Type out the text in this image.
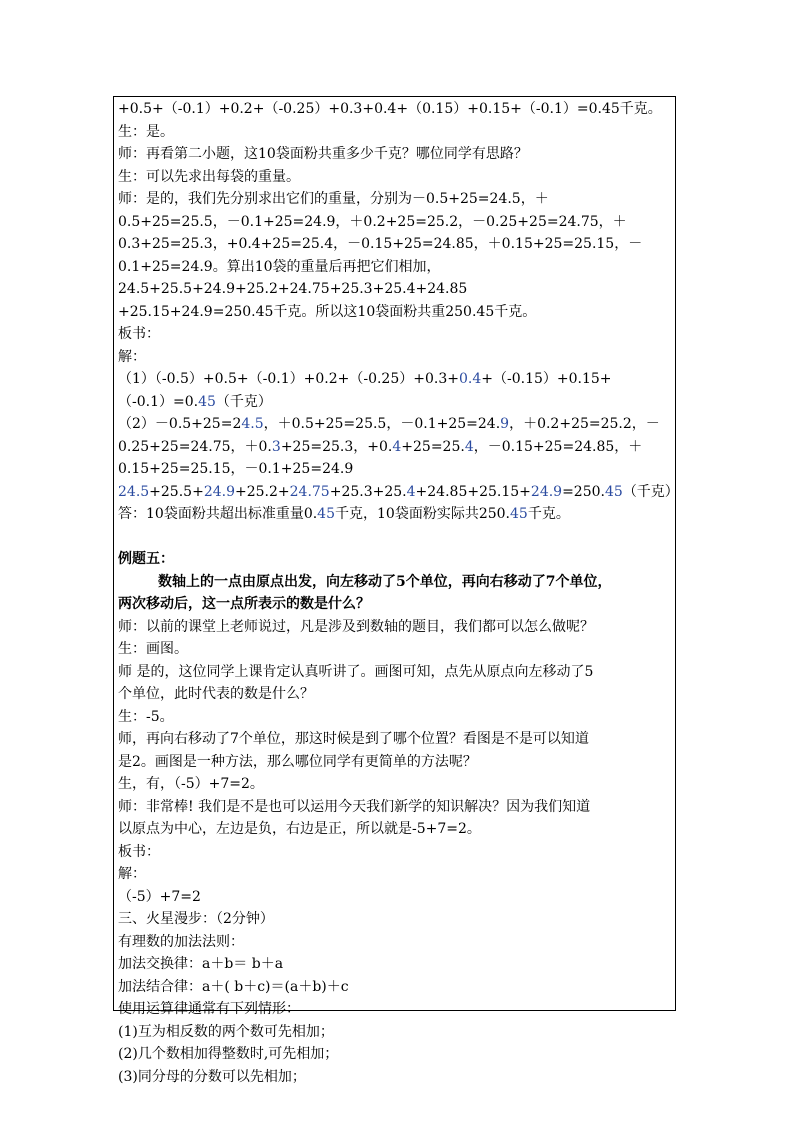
+0.5+（-0.1）+0.2+（-0.25）+0.3+0.4+（0.15）+0.15+（-0.1）=0.45千克。
生：是。
师：再看第二小题，这10袋面粉共重多少千克？哪位同学有思路？
生：可以先求出每袋的重量。
师：是的，我们先分别求出它们的重量，分别为－0.5+25=24.5，＋
0.5+25=25.5，－0.1+25=24.9，＋0.2+25=25.2，－0.25+25=24.75，＋
0.3+25=25.3，+0.4+25=25.4，－0.15+25=24.85，＋0.15+25=25.15，－
0.1+25=24.9。算出10袋的重量后再把它们相加，
24.5+25.5+24.9+25.2+24.75+25.3+25.4+24.85
+25.15+24.9=250.45千克。所以这10袋面粉共重250.45千克。
板书：
解：
（1）（-0.5）+0.5+（-0.1）+0.2+（-0.25）+0.3+0.4+（-0.15）+0.15+
（-0.1）=0.45（千克）
（2）－0.5+25=24.5，＋0.5+25=25.5，－0.1+25=24.9，＋0.2+25=25.2，－
0.25+25=24.75，＋0.3+25=25.3，+0.4+25=25.4，－0.15+25=24.85，＋
0.15+25=25.15，－0.1+25=24.9
24.5+25.5+24.9+25.2+24.75+25.3+25.4+24.85+25.15+24.9=250.45（千克）
答：10袋面粉共超出标准重量0.45千克，10袋面粉实际共250.45千克。
例题五：
数轴上的一点由原点出发，向左移动了5个单位，再向右移动了7个单位，
两次移动后，这一点所表示的数是什么？
师：以前的课堂上老师说过，凡是涉及到数轴的题目，我们都可以怎么做呢？
生：画图。
师 是的，这位同学上课肯定认真听讲了。画图可知，点先从原点向左移动了5
个单位，此时代表的数是什么？
生：-5。
师，再向右移动了7个单位，那这时候是到了哪个位置？看图是不是可以知道
是2。画图是一种方法，那么哪位同学有更简单的方法呢？
生，有，（-5）+7=2。
师：非常棒! 我们是不是也可以运用今天我们新学的知识解决？因为我们知道
以原点为中心，左边是负，右边是正，所以就是-5+7=2。
板书：
解：
（-5）+7=2
三、火星漫步：（2分钟）
有理数的加法法则：
加法交换律：a＋b＝ b＋a
加法结合律：a＋( b＋c)＝(a＋b)＋c
使用运算律通常有下列情形：
(1)互为相反数的两个数可先相加；
(2)几个数相加得整数时,可先相加；
(3)同分母的分数可以先相加；
